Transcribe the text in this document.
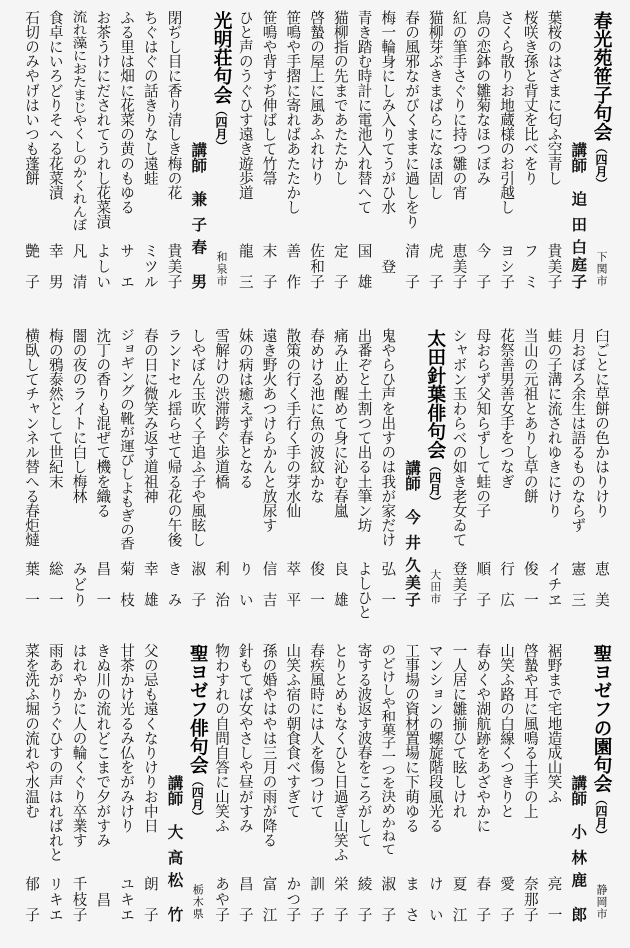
春光苑笹子句会（四月）
下関市
講師
迫田
白庭子
葉桜のはざまに匂ふ空青し
貴美子
桜咲き孫と背丈を比べをり
フミ
さくら散りお地蔵様のお引越し
ヨシ子
鳥の恋鉢の雛菊なほつぼみ
今子
紅の筆手さぐりに持つ雛の宵
恵美子
猫柳芽ぶきまばらになほ固し
虎子
春の風邪ながびくままに過しをり
清子
梅一輪身にしみ入りてうがひ水
登
青き踏む時計に電池入れ替へて
国雄
猫柳指の先まであたたかし
定子
啓蟄の屋上に風あふれけり
佐和子
笹鳴や手摺に寄ればあたたかし
善作
笹鳴や背すぢ伸ばして竹箒
末子
ひと声のうぐひす遠き遊歩道
龍三
光明荘句会（四月）
和泉市
講師
兼子
春男
閉ぢし目に香り清しき梅の花
貴美子
ちぐはぐの話きりなし遠蛙
ミツル
ふる里は畑に花菜の黄のもゆる
サエ
お茶うけにだされてうれし花菜漬
よしい
流れ藻におたまじやくしのかくれんぼ
凡清
食卓にいろどりそへる花菜漬
幸男
石切のみやげはいつも蓬餅
艶子
臼ごとに草餅の色かはりけり
恵美
月おぼろ余生は語るものならず
憲三
蛙の子溝に流されゆきにけり
イチヱ
当山の元祖とありし草の餅
俊一
花祭善男善女手をつなぎ
行広
母おらず父知らずして蛙の子
順子
シャボン玉わらべの如き老女ゐて
登美子
太田針葉俳句会（四月）
大田市
講師
今井
久美子
鬼やらひ声を出すのは我が家だけ
弘一
出番ぞと土割つて出る土筆ン坊
よしひと
痛み止め醒めて身に沁む春嵐
良雄
春めける池に魚の波紋かな
俊一
散策の行く手行く手の芽水仙
萃平
遠き野火あつけらかんと放尿す
信吉
妹の病は癒えず春となる
りい
雪解けの渋滞跨ぐ歩道橋
利治
しやぼん玉吹く子追ふ子や風眩し
淑子
ランドセル揺らせて帰る花の午後
きみ
春の日に微笑み返す道祖神
幸雄
ジョギングの靴が運びしよもぎの香
菊枝
沈丁の香りも混ぜて機を織る
昌一
闇の夜のライトに白し梅林
みどり
梅の鴉泰然として世紀末
総一
横臥してチャンネル替へる春炬燵
葉一
聖ヨゼフの園句会（四月）
静岡市
講師
小林
鹿郎
裾野まで宅地造成山笑ふ
亮一
啓蟄や耳に風鳴る土手の上
奈那子
山笑ふ路の白線くつきりと
愛子
春めくや湖航跡をあざやかに
春子
一人居に雛揃ひて眩しけれ
夏江
マンションの螺旋階段風光る
けい
工事場の資材置場に下萌ゆる
まさ
のどけしや和菓子一つを決めかねて
淑子
寄する波返す波春をころがして
綾子
とりとめもなくひと日過ぎ山笑ふ
栄子
春疾風時には人を傷つけて
訓子
山笑ふ宿の朝食食べすぎて
かつ子
孫の婚やはやは三月の雨が降る
富江
針もてば女やさしや昼がすみ
昌子
物わすれの自問自答に山笑ふ
あや子
聖ヨゼフ俳句会（四月）
栃木県
講師
大高
松竹
父の忌も遠くなりけりお中日
朗子
甘茶かけ光るみ仏をがみけり
ユキエ
きぬ川の流れどこまで夕がすみ
昌
はれやかに人の輪くぐり卒業す
千枝子
雨あがりうぐひすの声はればれと
リキエ
菜を洗ふ堀の流れや水温む
郁子
